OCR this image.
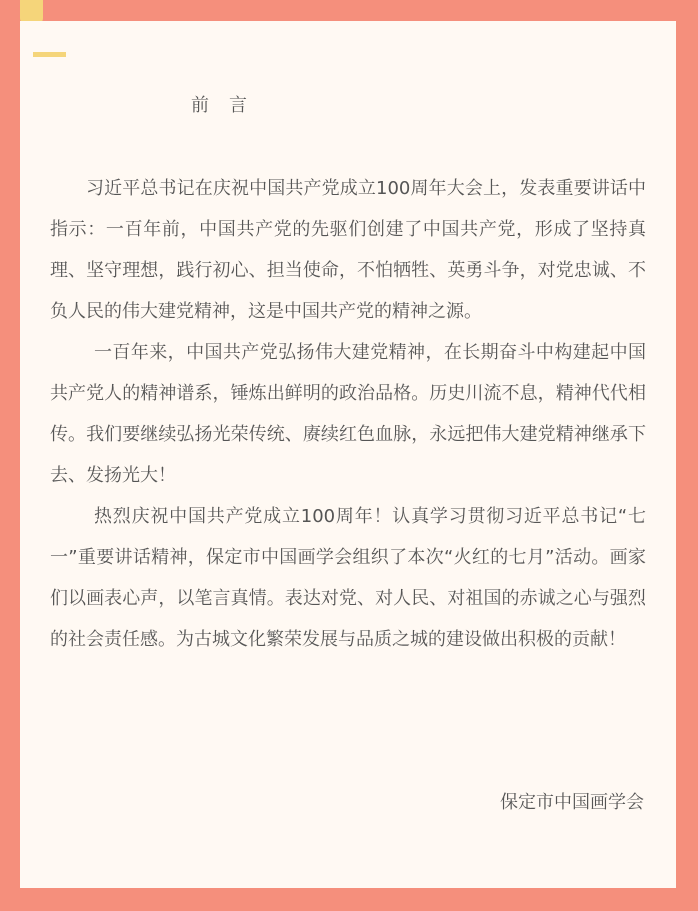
前言

习近平总书记在庆祝中国共产党成立100周年大会上，发表重要讲话中指示：一百年前，中国共产党的先驱们创建了中国共产党，形成了坚持真理、坚守理想，践行初心、担当使命，不怕牺牲、英勇斗争，对党忠诚、不负人民的伟大建党精神，这是中国共产党的精神之源。

一百年来，中国共产党弘扬伟大建党精神，在长期奋斗中构建起中国共产党人的精神谱系，锤炼出鲜明的政治品格。历史川流不息，精神代代相传。我们要继续弘扬光荣传统、赓续红色血脉，永远把伟大建党精神继承下去、发扬光大！

热烈庆祝中国共产党成立100周年！认真学习贯彻习近平总书记“七一”重要讲话精神，保定市中国画学会组织了本次“火红的七月”活动。画家们以画表心声，以笔言真情。表达对党、对人民、对祖国的赤诚之心与强烈的社会责任感。为古城文化繁荣发展与品质之城的建设做出积极的贡献！

保定市中国画学会
